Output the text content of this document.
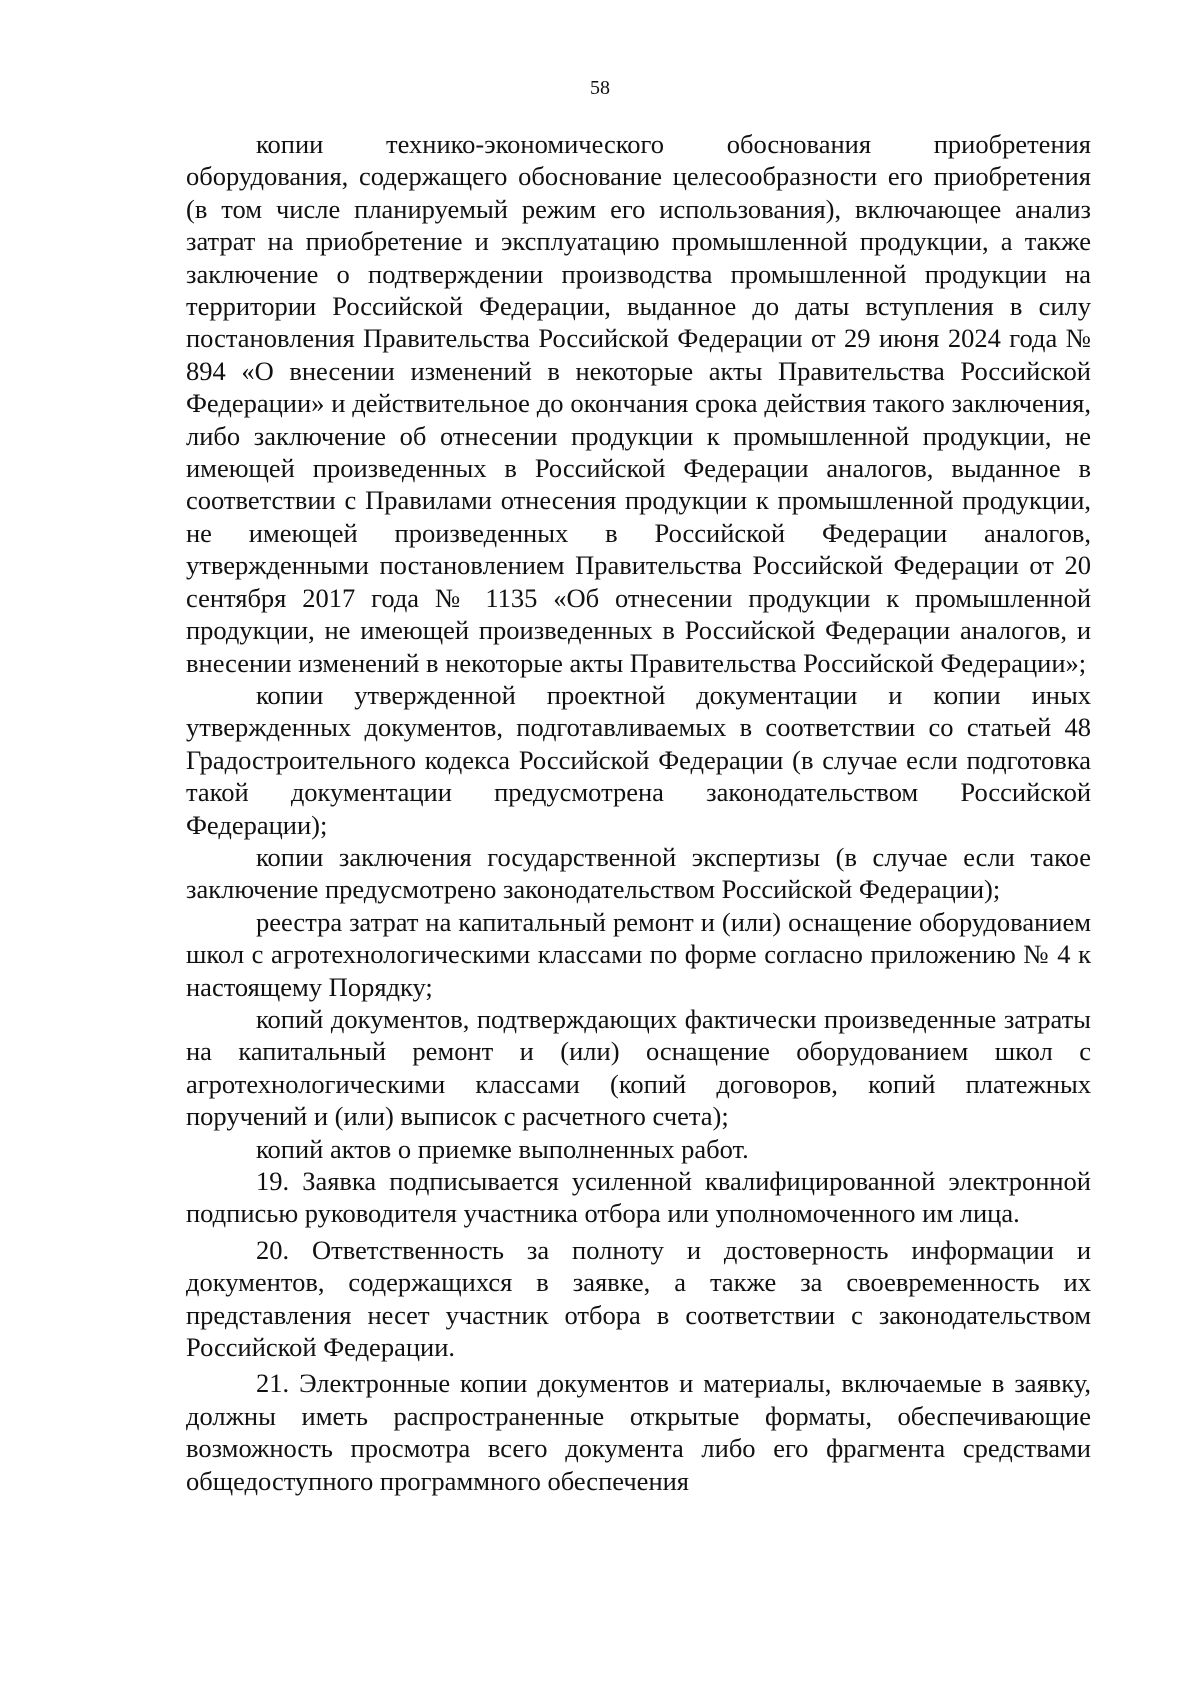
58

копии технико-экономического обоснования приобретения оборудования, содержащего обоснование целесообразности его приобретения (в том числе планируемый режим его использования), включающее анализ затрат на приобретение и эксплуатацию промышленной продукции, а также заключение о подтверждении производства промышленной продукции на территории Российской Федерации, выданное до даты вступления в силу постановления Правительства Российской Федерации от 29 июня 2024 года № 894 «О внесении изменений в некоторые акты Правительства Российской Федерации» и действительное до окончания срока действия такого заключения, либо заключение об отнесении продукции к промышленной продукции, не имеющей произведенных в Российской Федерации аналогов, выданное в соответствии с Правилами отнесения продукции к промышленной продукции, не имеющей произведенных в Российской Федерации аналогов, утвержденными постановлением Правительства Российской Федерации от 20 сентября 2017 года № 1135 «Об отнесении продукции к промышленной продукции, не имеющей произведенных в Российской Федерации аналогов, и внесении изменений в некоторые акты Правительства Российской Федерации»;

копии утвержденной проектной документации и копии иных утвержденных документов, подготавливаемых в соответствии со статьей 48 Градостроительного кодекса Российской Федерации (в случае если подготовка такой документации предусмотрена законодательством Российской Федерации);

копии заключения государственной экспертизы (в случае если такое заключение предусмотрено законодательством Российской Федерации);

реестра затрат на капитальный ремонт и (или) оснащение оборудованием школ с агротехнологическими классами по форме согласно приложению № 4 к настоящему Порядку;

копий документов, подтверждающих фактически произведенные затраты на капитальный ремонт и (или) оснащение оборудованием школ с агротехнологическими классами (копий договоров, копий платежных поручений и (или) выписок с расчетного счета);

копий актов о приемке выполненных работ.

19. Заявка подписывается усиленной квалифицированной электронной подписью руководителя участника отбора или уполномоченного им лица.

20. Ответственность за полноту и достоверность информации и документов, содержащихся в заявке, а также за своевременность их представления несет участник отбора в соответствии с законодательством Российской Федерации.

21. Электронные копии документов и материалы, включаемые в заявку, должны иметь распространенные открытые форматы, обеспечивающие возможность просмотра всего документа либо его фрагмента средствами общедоступного программного обеспечения
